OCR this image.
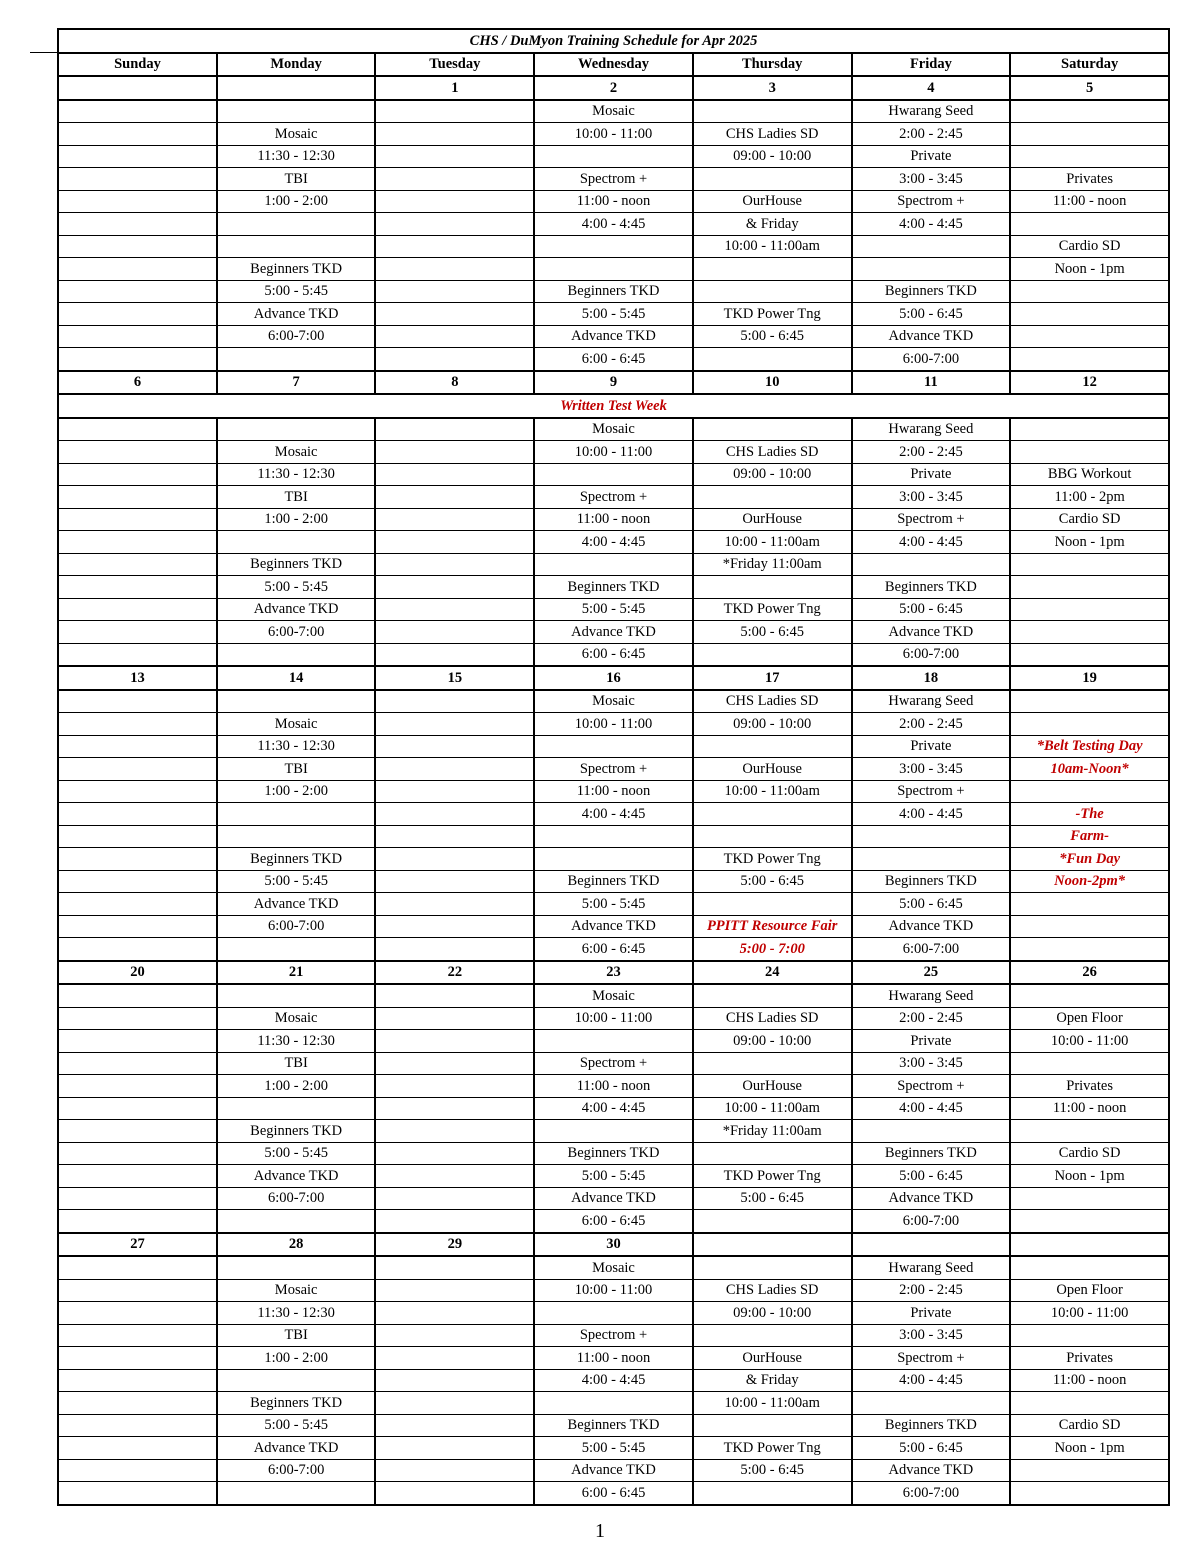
	CHS / DuMyon Training Schedule for Apr 2025						
	Sunday	Monday	Tuesday	Wednesday	Thursday	Friday	Saturday
			1	2	3	4	5
				Mosaic		Hwarang Seed	
		Mosaic		10:00 - 11:00	CHS Ladies SD	2:00 - 2:45	
		11:30 - 12:30			09:00 - 10:00	Private	
		TBI		Spectrom +		3:00 - 3:45	Privates
		1:00 - 2:00		11:00 - noon	OurHouse	Spectrom +	11:00 - noon
				4:00 - 4:45	& Friday	4:00 - 4:45	
					10:00 - 11:00am		Cardio SD
		Beginners TKD					Noon - 1pm
		5:00 - 5:45		Beginners TKD		Beginners TKD	
		Advance TKD		5:00 - 5:45	TKD Power Tng	5:00 - 6:45	
		6:00-7:00		Advance TKD	5:00 - 6:45	Advance TKD	
				6:00 - 6:45		6:00-7:00	
	6	7	8	9	10	11	12
	Written Test Week						
				Mosaic		Hwarang Seed	
		Mosaic		10:00 - 11:00	CHS Ladies SD	2:00 - 2:45	
		11:30 - 12:30			09:00 - 10:00	Private	BBG Workout
		TBI		Spectrom +		3:00 - 3:45	11:00 - 2pm
		1:00 - 2:00		11:00 - noon	OurHouse	Spectrom +	Cardio SD
				4:00 - 4:45	10:00 - 11:00am	4:00 - 4:45	Noon - 1pm
		Beginners TKD			*Friday 11:00am		
		5:00 - 5:45		Beginners TKD		Beginners TKD	
		Advance TKD		5:00 - 5:45	TKD Power Tng	5:00 - 6:45	
		6:00-7:00		Advance TKD	5:00 - 6:45	Advance TKD	
				6:00 - 6:45		6:00-7:00	
	13	14	15	16	17	18	19
				Mosaic	CHS Ladies SD	Hwarang Seed	
		Mosaic		10:00 - 11:00	09:00 - 10:00	2:00 - 2:45	
		11:30 - 12:30				Private	*Belt Testing Day
		TBI		Spectrom +	OurHouse	3:00 - 3:45	10am-Noon*
		1:00 - 2:00		11:00 - noon	10:00 - 11:00am	Spectrom +	
				4:00 - 4:45		4:00 - 4:45	-The
							Farm-
		Beginners TKD			TKD Power Tng		*Fun Day
		5:00 - 5:45		Beginners TKD	5:00 - 6:45	Beginners TKD	Noon-2pm*
		Advance TKD		5:00 - 5:45		5:00 - 6:45	
		6:00-7:00		Advance TKD	PPITT Resource Fair	Advance TKD	
				6:00 - 6:45	5:00 - 7:00	6:00-7:00	
	20	21	22	23	24	25	26
				Mosaic		Hwarang Seed	
		Mosaic		10:00 - 11:00	CHS Ladies SD	2:00 - 2:45	Open Floor
		11:30 - 12:30			09:00 - 10:00	Private	10:00 - 11:00
		TBI		Spectrom +		3:00 - 3:45	
		1:00 - 2:00		11:00 - noon	OurHouse	Spectrom +	Privates
				4:00 - 4:45	10:00 - 11:00am	4:00 - 4:45	11:00 - noon
		Beginners TKD			*Friday 11:00am		
		5:00 - 5:45		Beginners TKD		Beginners TKD	Cardio SD
		Advance TKD		5:00 - 5:45	TKD Power Tng	5:00 - 6:45	Noon - 1pm
		6:00-7:00		Advance TKD	5:00 - 6:45	Advance TKD	
				6:00 - 6:45		6:00-7:00	
	27	28	29	30			
				Mosaic		Hwarang Seed	
		Mosaic		10:00 - 11:00	CHS Ladies SD	2:00 - 2:45	Open Floor
		11:30 - 12:30			09:00 - 10:00	Private	10:00 - 11:00
		TBI		Spectrom +		3:00 - 3:45	
		1:00 - 2:00		11:00 - noon	OurHouse	Spectrom +	Privates
				4:00 - 4:45	& Friday	4:00 - 4:45	11:00 - noon
		Beginners TKD			10:00 - 11:00am		
		5:00 - 5:45		Beginners TKD		Beginners TKD	Cardio SD
		Advance TKD		5:00 - 5:45	TKD Power Tng	5:00 - 6:45	Noon - 1pm
		6:00-7:00		Advance TKD	5:00 - 6:45	Advance TKD	
				6:00 - 6:45		6:00-7:00	
1
